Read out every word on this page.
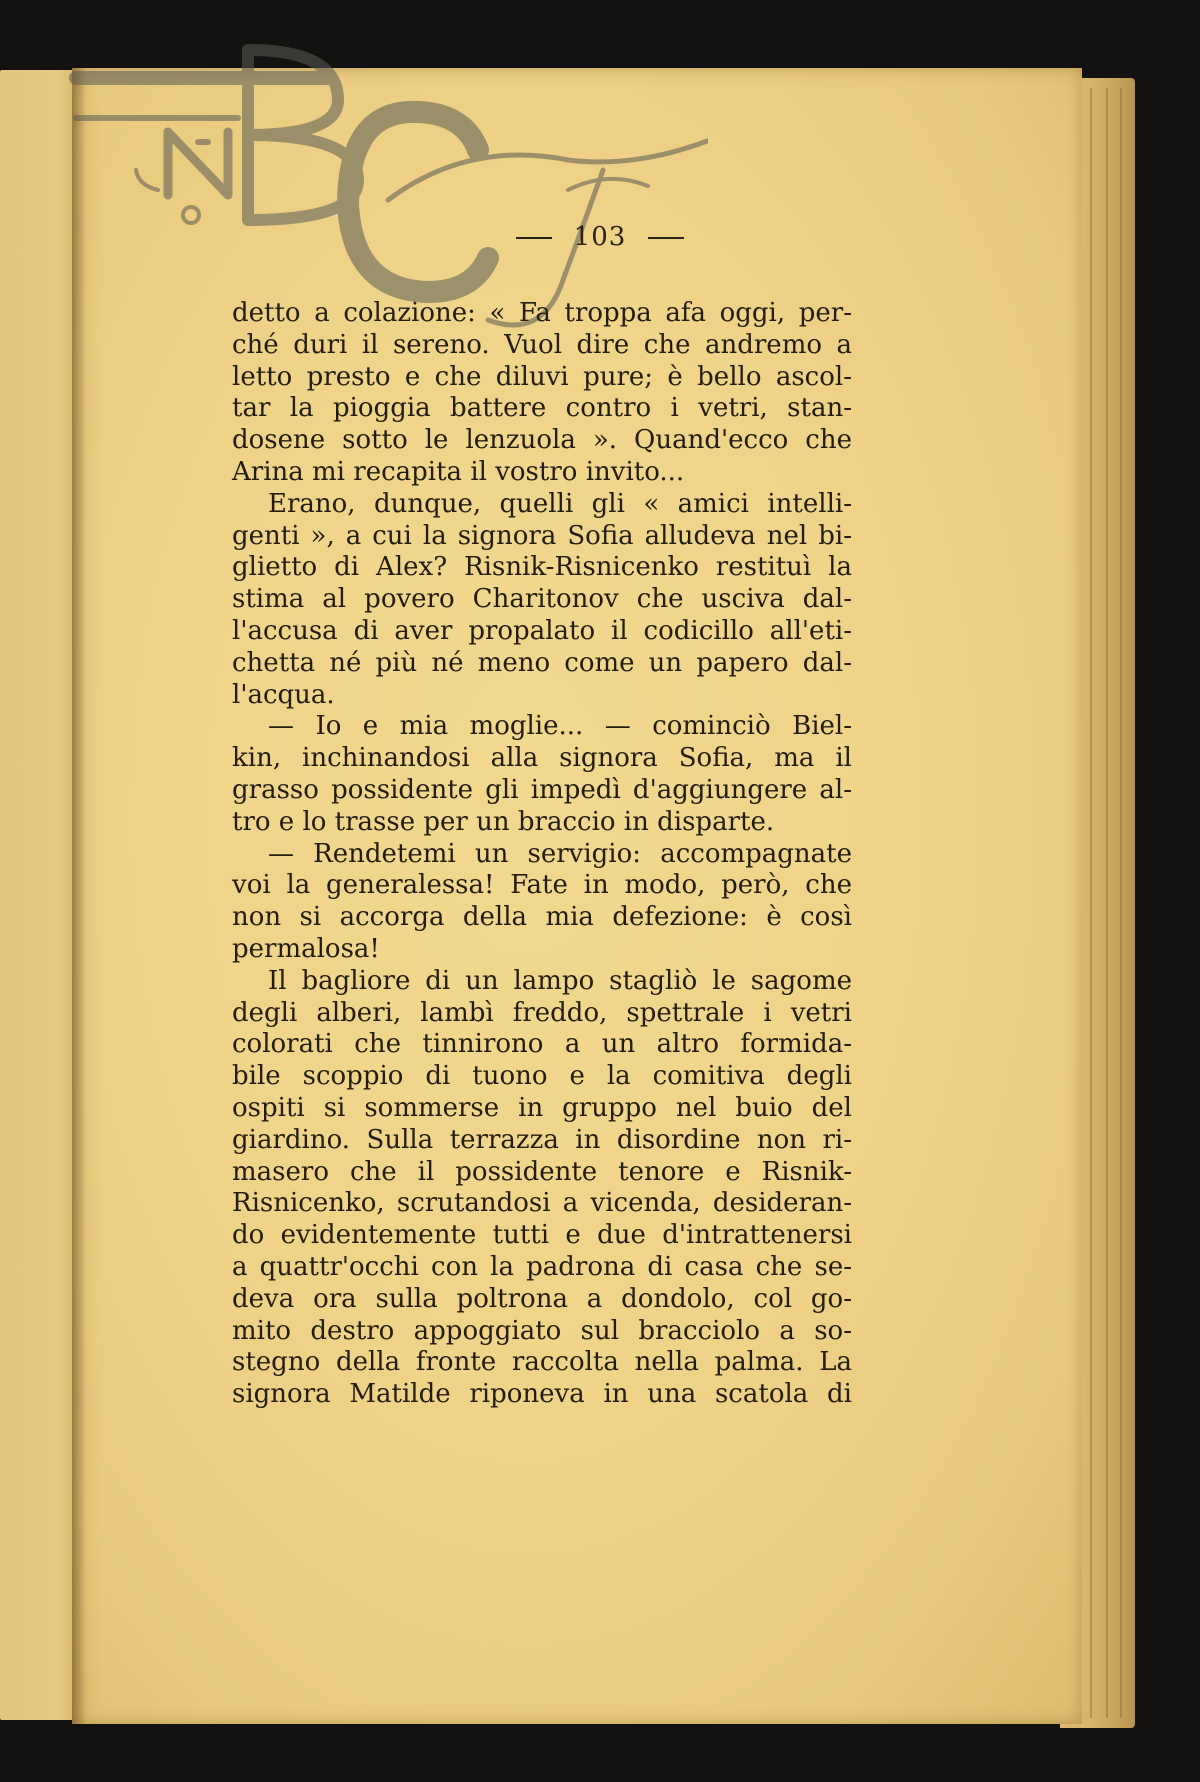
103
detto a colazione: « Fa troppa afa oggi, per-
ché duri il sereno. Vuol dire che andremo a
letto presto e che diluvi pure; è bello ascol-
tar la pioggia battere contro i vetri, stan-
dosene sotto le lenzuola ». Quand'ecco che
Arina mi recapita il vostro invito...
Erano, dunque, quelli gli « amici intelli-
genti », a cui la signora Sofia alludeva nel bi-
glietto di Alex? Risnik-Risnicenko restituì la
stima al povero Charitonov che usciva dal-
l'accusa di aver propalato il codicillo all'eti-
chetta né più né meno come un papero dal-
l'acqua.
— Io e mia moglie... — cominciò Biel-
kin, inchinandosi alla signora Sofia, ma il
grasso possidente gli impedì d'aggiungere al-
tro e lo trasse per un braccio in disparte.
— Rendetemi un servigio: accompagnate
voi la generalessa! Fate in modo, però, che
non si accorga della mia defezione: è così
permalosa!
Il bagliore di un lampo stagliò le sagome
degli alberi, lambì freddo, spettrale i vetri
colorati che tinnirono a un altro formida-
bile scoppio di tuono e la comitiva degli
ospiti si sommerse in gruppo nel buio del
giardino. Sulla terrazza in disordine non ri-
masero che il possidente tenore e Risnik-
Risnicenko, scrutandosi a vicenda, desideran-
do evidentemente tutti e due d'intrattenersi
a quattr'occhi con la padrona di casa che se-
deva ora sulla poltrona a dondolo, col go-
mito destro appoggiato sul bracciolo a so-
stegno della fronte raccolta nella palma. La
signora Matilde riponeva in una scatola di
